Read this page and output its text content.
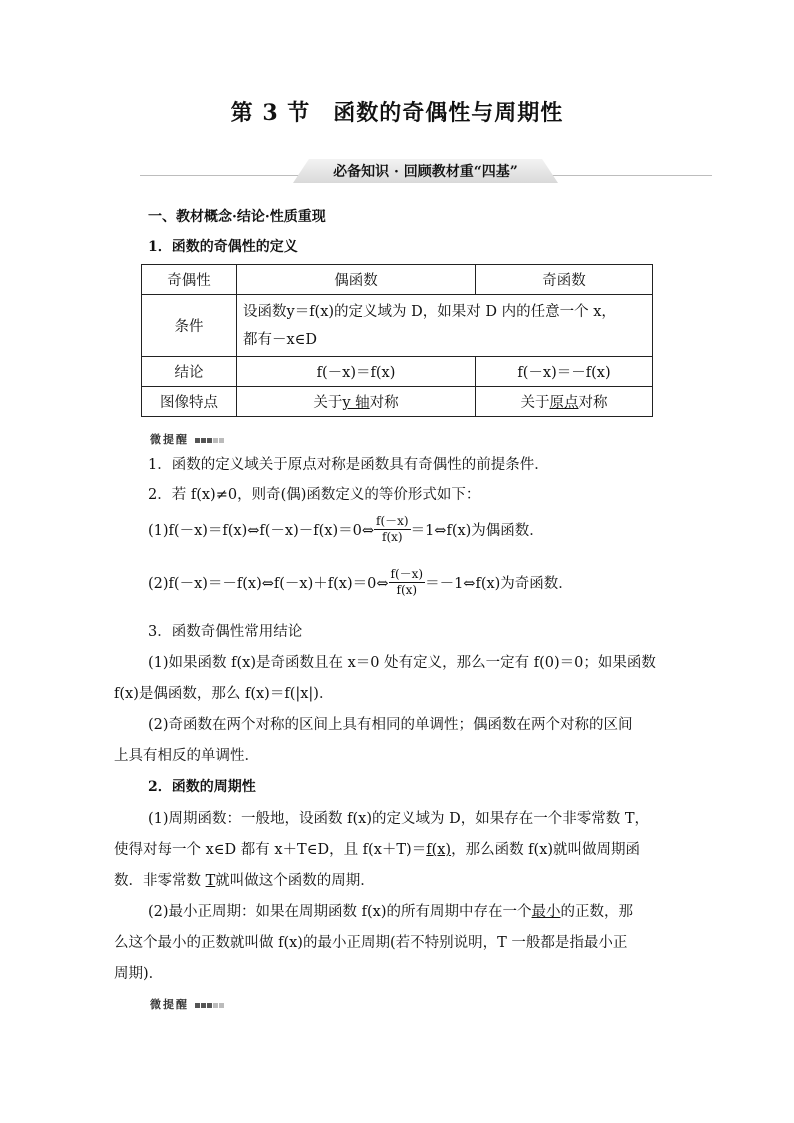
第 3 节　函数的奇偶性与周期性
必备知识 · 回顾教材重“四基”
一、教材概念·结论·性质重现
1．函数的奇偶性的定义
奇偶性	偶函数	奇函数
条件	设函数y＝f(x)的定义域为 D，如果对 D 内的任意一个 x，
都有－x∈D	

结论	f(－x)＝f(x)	f(－x)＝－f(x)
图像特点	关于y 轴对称	关于原点对称
微提醒
1．函数的定义域关于原点对称是函数具有奇偶性的前提条件．
2．若 f(x)≠0，则奇(偶)函数定义的等价形式如下：
(1)f(－x)＝f(x)⇔f(－x)－f(x)＝0⇔ $\frac{f(-x)}{f(x)}$ ＝1⇔f(x)为偶函数．
(2)f(－x)＝－f(x)⇔f(－x)＋f(x)＝0⇔ $\frac{f(-x)}{f(x)}$ ＝－1⇔f(x)为奇函数．
3．函数奇偶性常用结论
(1)如果函数 f(x)是奇函数且在 x＝0 处有定义，那么一定有 f(0)＝0；如果函数
f(x)是偶函数，那么 f(x)＝f(|x|)．
(2)奇函数在两个对称的区间上具有相同的单调性；偶函数在两个对称的区间
上具有相反的单调性．
2．函数的周期性
(1)周期函数：一般地，设函数 f(x)的定义域为 D，如果存在一个非零常数 T，
使得对每一个 x∈D 都有 x＋T∈D，且 f(x＋T)＝f(x)，那么函数 f(x)就叫做周期函
数．非零常数 T就叫做这个函数的周期．
(2)最小正周期：如果在周期函数 f(x)的所有周期中存在一个最小的正数，那
么这个最小的正数就叫做 f(x)的最小正周期(若不特别说明，T 一般都是指最小正
周期)．
微提醒
